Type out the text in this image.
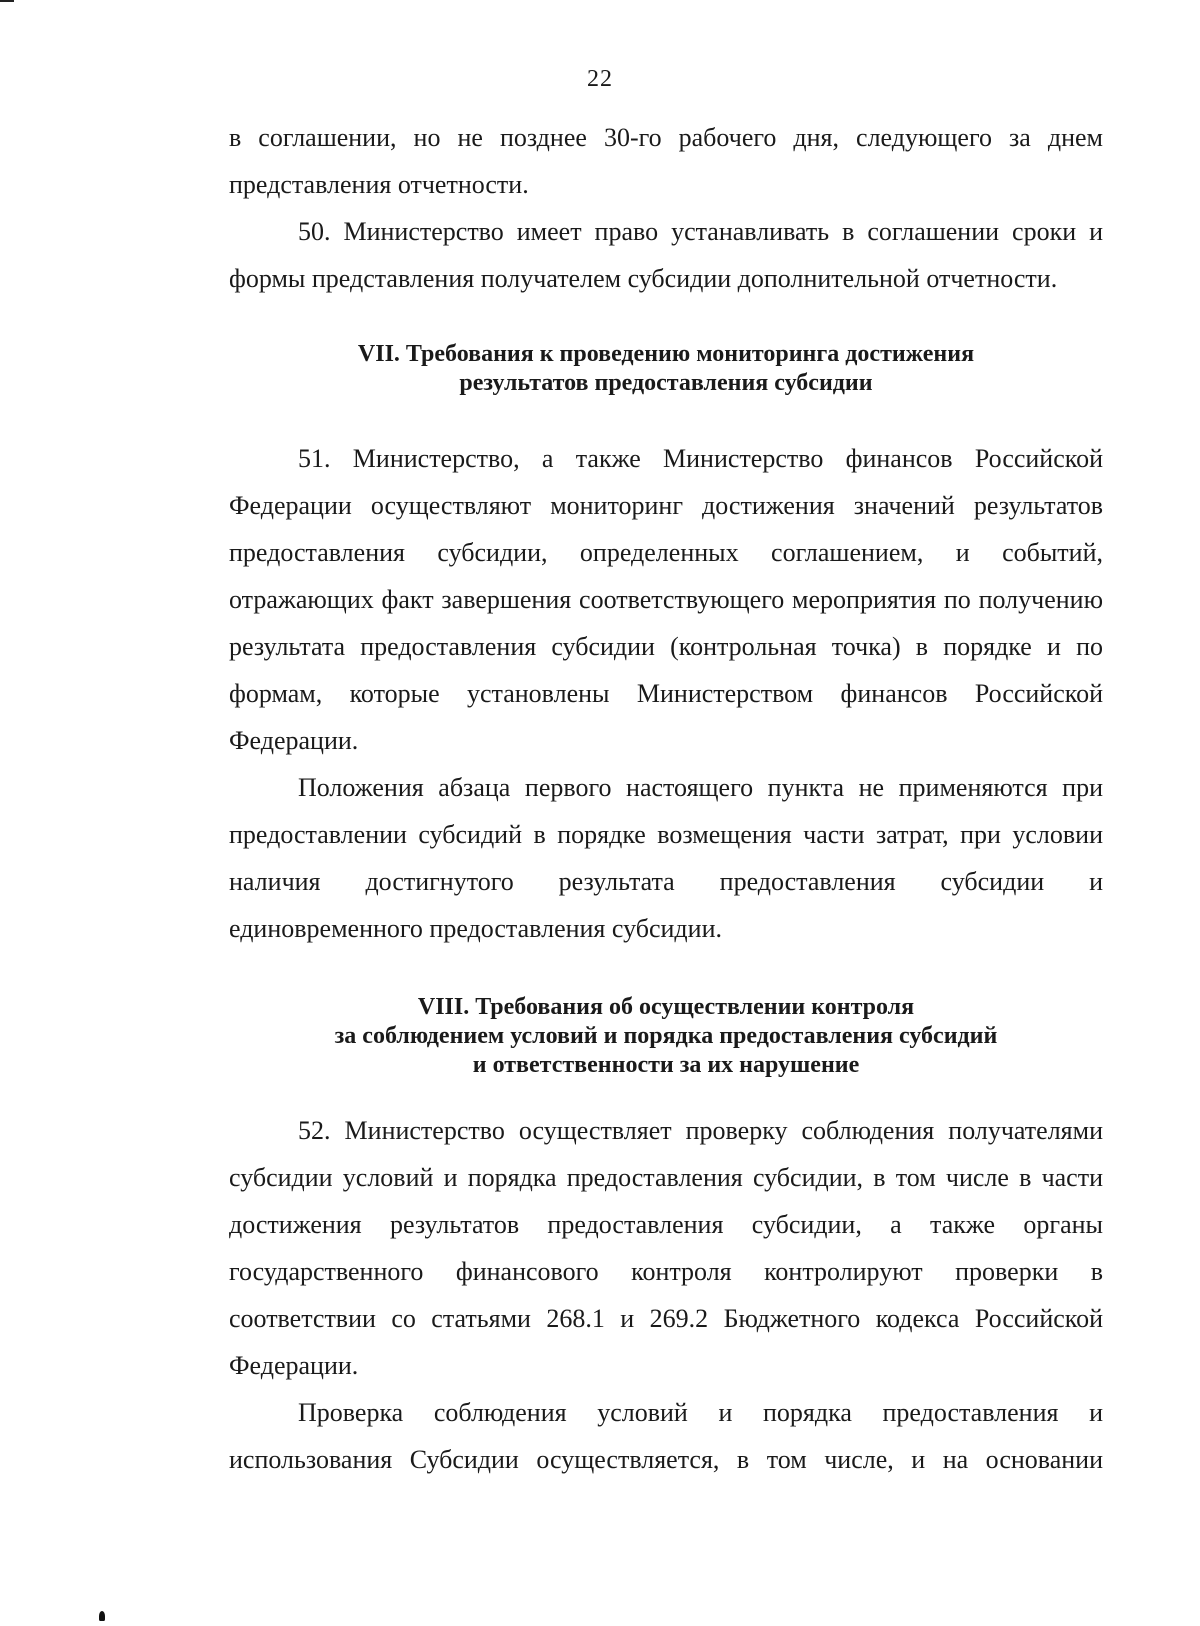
22

в соглашении, но не позднее 30-го рабочего дня, следующего за днем представления отчетности.

50. Министерство имеет право устанавливать в соглашении сроки и формы представления получателем субсидии дополнительной отчетности.

VII. Требования к проведению мониторинга достижения
результатов предоставления субсидии

51. Министерство, а также Министерство финансов Российской Федерации осуществляют мониторинг достижения значений результатов предоставления субсидии, определенных соглашением, и событий, отражающих факт завершения соответствующего мероприятия по получению результата предоставления субсидии (контрольная точка) в порядке и по формам, которые установлены Министерством финансов Российской Федерации.

Положения абзаца первого настоящего пункта не применяются при предоставлении субсидий в порядке возмещения части затрат, при условии наличия достигнутого результата предоставления субсидии и единовременного предоставления субсидии.

VIII. Требования об осуществлении контроля
за соблюдением условий и порядка предоставления субсидий
и ответственности за их нарушение

52. Министерство осуществляет проверку соблюдения получателями субсидии условий и порядка предоставления субсидии, в том числе в части достижения результатов предоставления субсидии, а также органы государственного финансового контроля контролируют проверки в соответствии со статьями 268.1 и 269.2 Бюджетного кодекса Российской Федерации.

Проверка соблюдения условий и порядка предоставления и использования Субсидии осуществляется, в том числе, и на основании
